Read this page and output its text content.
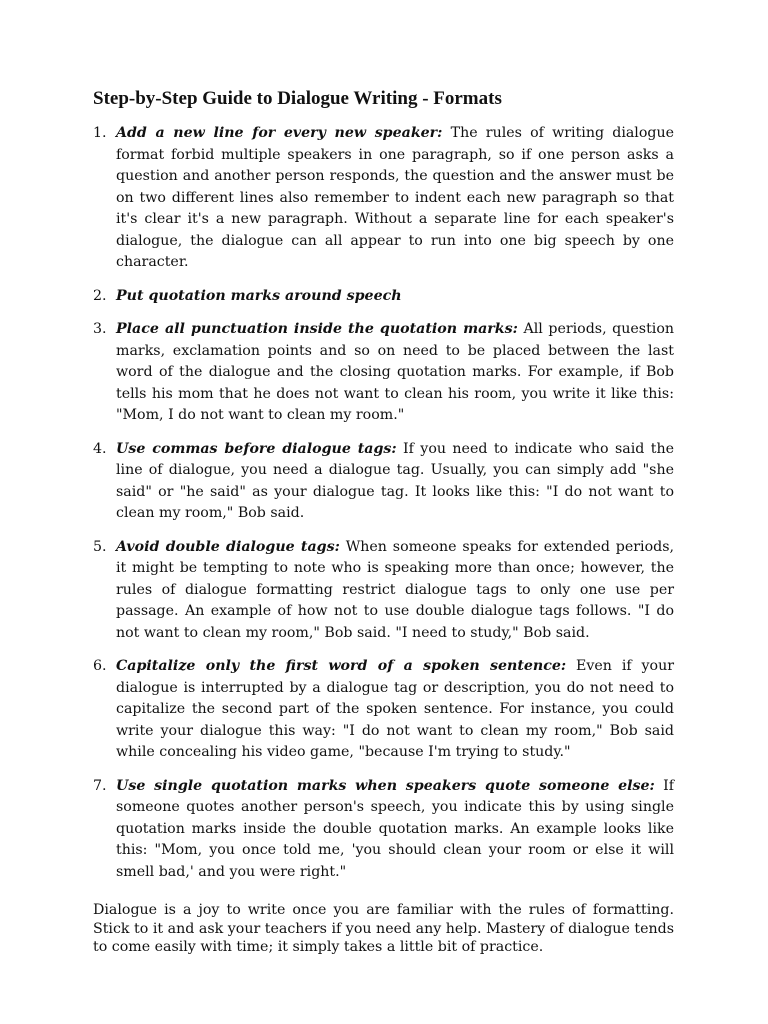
Step-by-Step Guide to Dialogue Writing - Formats
1. Add a new line for every new speaker: The rules of writing dialogue format forbid multiple speakers in one paragraph, so if one person asks a question and another person responds, the question and the answer must be on two different lines also remember to indent each new paragraph so that it's clear it's a new paragraph. Without a separate line for each speaker's dialogue, the dialogue can all appear to run into one big speech by one character.
2. Put quotation marks around speech
3. Place all punctuation inside the quotation marks: All periods, question marks, exclamation points and so on need to be placed between the last word of the dialogue and the closing quotation marks. For example, if Bob tells his mom that he does not want to clean his room, you write it like this: "Mom, I do not want to clean my room."
4. Use commas before dialogue tags: If you need to indicate who said the line of dialogue, you need a dialogue tag. Usually, you can simply add "she said" or "he said" as your dialogue tag. It looks like this: "I do not want to clean my room," Bob said.
5. Avoid double dialogue tags: When someone speaks for extended periods, it might be tempting to note who is speaking more than once; however, the rules of dialogue formatting restrict dialogue tags to only one use per passage. An example of how not to use double dialogue tags follows. "I do not want to clean my room," Bob said. "I need to study," Bob said.
6. Capitalize only the first word of a spoken sentence: Even if your dialogue is interrupted by a dialogue tag or description, you do not need to capitalize the second part of the spoken sentence. For instance, you could write your dialogue this way: "I do not want to clean my room," Bob said while concealing his video game, "because I'm trying to study."
7. Use single quotation marks when speakers quote someone else: If someone quotes another person's speech, you indicate this by using single quotation marks inside the double quotation marks. An example looks like this: "Mom, you once told me, 'you should clean your room or else it will smell bad,' and you were right."

Dialogue is a joy to write once you are familiar with the rules of formatting. Stick to it and ask your teachers if you need any help. Mastery of dialogue tends to come easily with time; it simply takes a little bit of practice.
